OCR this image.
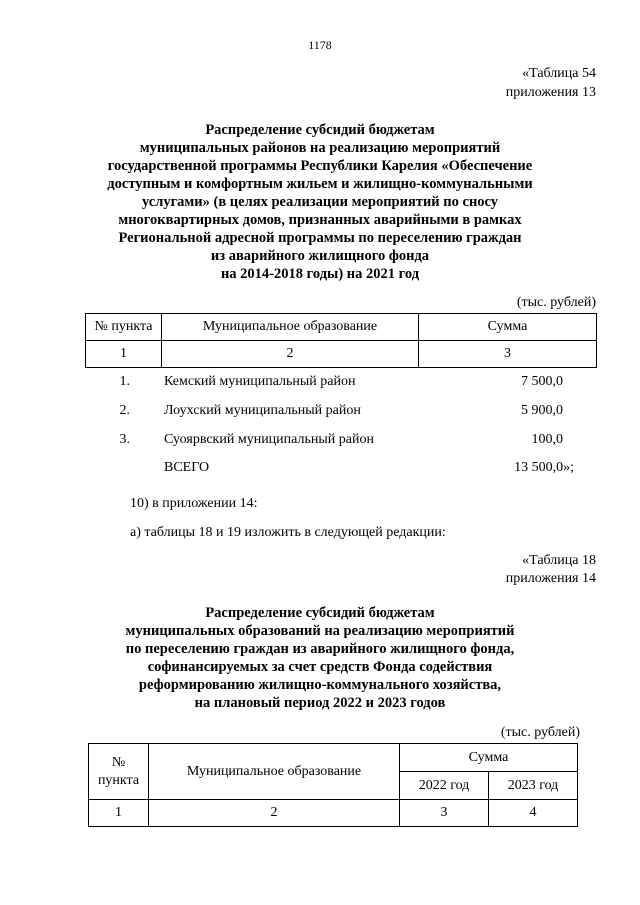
1178
«Таблица 54
приложения 13
Распределение субсидий бюджетам
муниципальных районов на реализацию мероприятий
государственной программы Республики Карелия «Обеспечение
доступным и комфортным жильем и жилищно-коммунальными
услугами» (в целях реализации мероприятий по сносу
многоквартирных домов, признанных аварийными в рамках
Региональной адресной программы по переселению граждан
из аварийного жилищного фонда
на 2014-2018 годы) на 2021 год
(тыс. рублей)
№ пункта	Муниципальное образование	Сумма
1	2	3
1. Кемский муниципальный район	7 500,0
2. Лоухский муниципальный район	5 900,0
3. Суоярвский муниципальный район	100,0
ВСЕГО	13 500,0»;
10) в приложении 14:
а) таблицы 18 и 19 изложить в следующей редакции:
«Таблица 18
приложения 14
Распределение субсидий бюджетам
муниципальных образований на реализацию мероприятий
по переселению граждан из аварийного жилищного фонда,
софинансируемых за счет средств Фонда содействия
реформированию жилищно-коммунального хозяйства,
на плановый период 2022 и 2023 годов
(тыс. рублей)
№ пункта	Муниципальное образование	Сумма	
		2022 год	2023 год
1	2	3	4
